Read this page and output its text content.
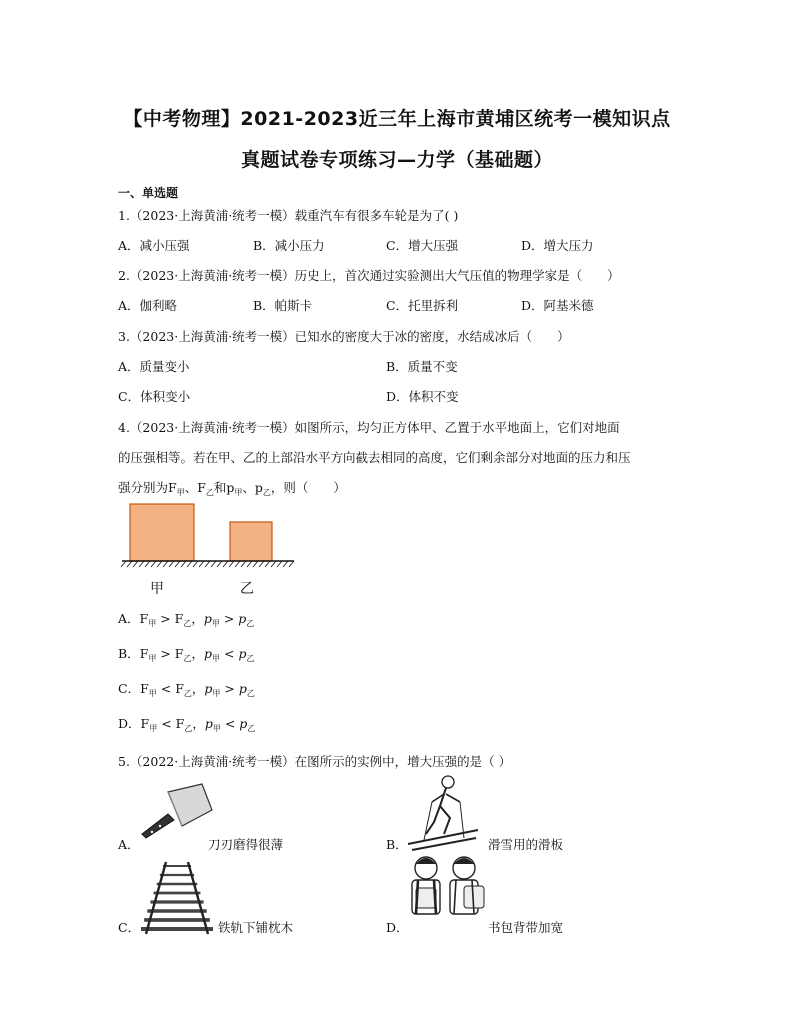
【中考物理】2021-2023近三年上海市黄埔区统考一模知识点
真题试卷专项练习—力学（基础题）
一、单选题
1.（2023·上海黄浦·统考一模）载重汽车有很多车轮是为了( )
A．减小压强	B．减小压力	C．增大压强	D．增大压力
2.（2023·上海黄浦·统考一模）历史上，首次通过实验测出大气压值的物理学家是（　　）
A．伽利略	B．帕斯卡	C．托里拆利	D．阿基米德
3.（2023·上海黄浦·统考一模）已知水的密度大于冰的密度，水结成冰后（　　）
A．质量变小	B．质量不变
C．体积变小	D．体积不变
4.（2023·上海黄浦·统考一模）如图所示，均匀正方体甲、乙置于水平地面上，它们对地面
的压强相等。若在甲、乙的上部沿水平方向截去相同的高度，它们剩余部分对地面的压力和压
强分别为$F_甲$、$F_乙$和$p_甲$、$p_乙$，则（　　）
甲	乙
A．$F_甲 > F_乙$，$p_甲 > p_乙$
B．$F_甲 > F_乙$，$p_甲 < p_乙$
C．$F_甲 < F_乙$，$p_甲 > p_乙$
D．$F_甲 < F_乙$，$p_甲 < p_乙$
5.（2022·上海黄浦·统考一模）在图所示的实例中，增大压强的是（ ）
A．	刀刃磨得很薄	B．	滑雪用的滑板
C．	铁轨下铺枕木	D．	书包背带加宽
